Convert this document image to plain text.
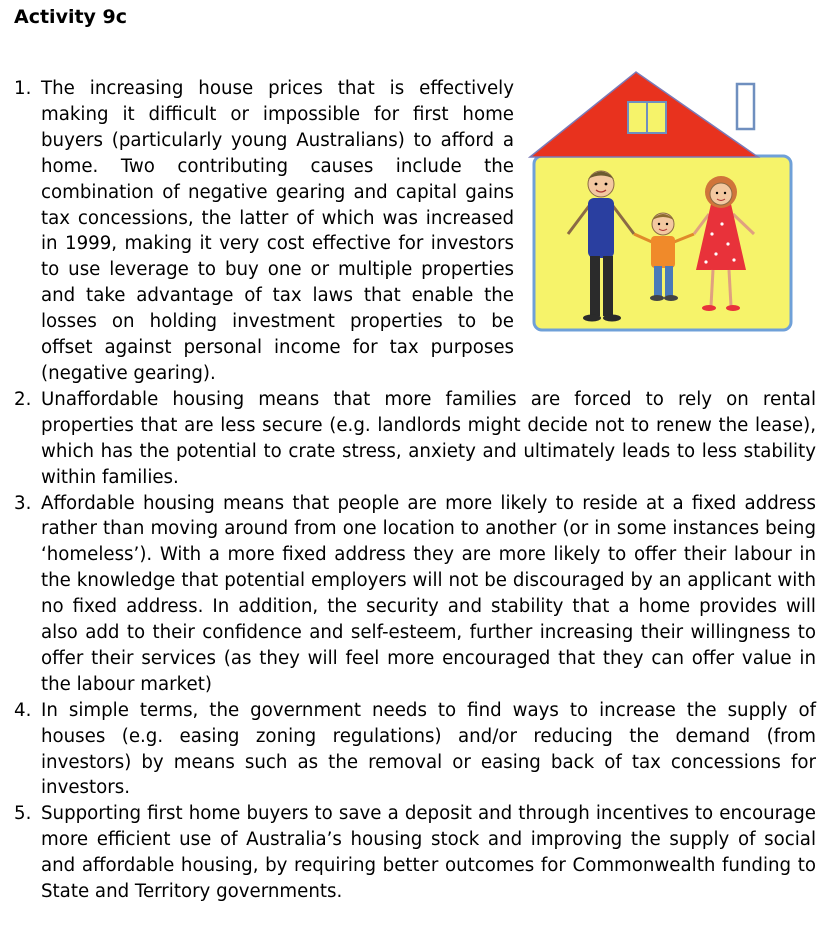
Activity 9c
1. The increasing house prices that is effectively making it difficult or impossible for first home buyers (particularly young Australians) to afford a home. Two contributing causes include the combination of negative gearing and capital gains tax concessions, the latter of which was increased in 1999, making it very cost effective for investors to use leverage to buy one or multiple properties and take advantage of tax laws that enable the losses on holding investment properties to be offset against personal income for tax purposes (negative gearing).
2. Unaffordable housing means that more families are forced to rely on rental properties that are less secure (e.g. landlords might decide not to renew the lease), which has the potential to crate stress, anxiety and ultimately leads to less stability within families.
3. Affordable housing means that people are more likely to reside at a fixed address rather than moving around from one location to another (or in some instances being ‘homeless’). With a more fixed address they are more likely to offer their labour in the knowledge that potential employers will not be discouraged by an applicant with no fixed address. In addition, the security and stability that a home provides will also add to their confidence and self-esteem, further increasing their willingness to offer their services (as they will feel more encouraged that they can offer value in the labour market)
4. In simple terms, the government needs to find ways to increase the supply of houses (e.g. easing zoning regulations) and/or reducing the demand (from investors) by means such as the removal or easing back of tax concessions for investors.
5. Supporting first home buyers to save a deposit and through incentives to encourage more efficient use of Australia’s housing stock and improving the supply of social and affordable housing, by requiring better outcomes for Commonwealth funding to State and Territory governments.
